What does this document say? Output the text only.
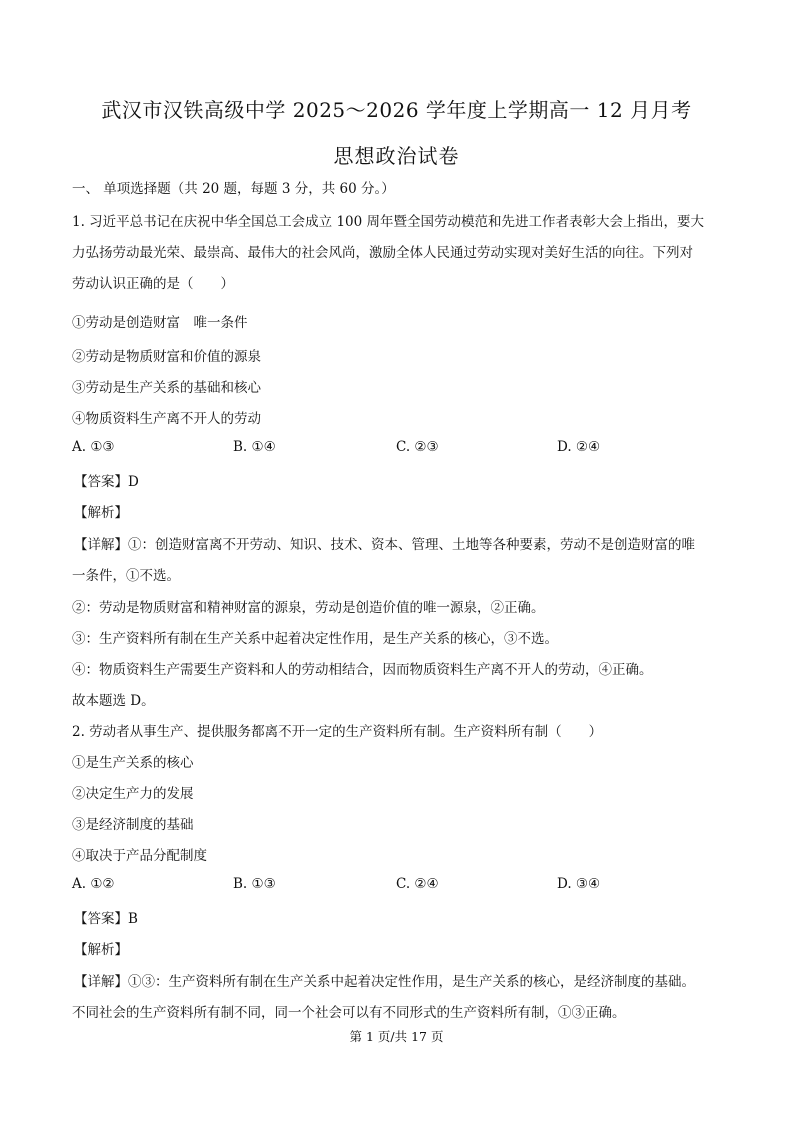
武汉市汉铁高级中学 2025～2026 学年度上学期高一 12 月月考
思想政治试卷
一、 单项选择题（共 20 题，每题 3 分，共 60 分。）
1. 习近平总书记在庆祝中华全国总工会成立 100 周年暨全国劳动模范和先进工作者表彰大会上指出，要大
力弘扬劳动最光荣、最崇高、最伟大的社会风尚，激励全体人民通过劳动实现对美好生活的向往。下列对
劳动认识正确的是（　　）
①劳动是创造财富　唯一条件
②劳动是物质财富和价值的源泉
③劳动是生产关系的基础和核心
④物质资料生产离不开人的劳动
A. ①③	B. ①④	C. ②③	D. ②④
【答案】D
【解析】
【详解】①：创造财富离不开劳动、知识、技术、资本、管理、土地等各种要素，劳动不是创造财富的唯
一条件，①不选。
②：劳动是物质财富和精神财富的源泉，劳动是创造价值的唯一源泉，②正确。
③：生产资料所有制在生产关系中起着决定性作用，是生产关系的核心，③不选。
④：物质资料生产需要生产资料和人的劳动相结合，因而物质资料生产离不开人的劳动，④正确。
故本题选 D。
2. 劳动者从事生产、提供服务都离不开一定的生产资料所有制。生产资料所有制（　　）
①是生产关系的核心
②决定生产力的发展
③是经济制度的基础
④取决于产品分配制度
A. ①②	B. ①③	C. ②④	D. ③④
【答案】B
【解析】
【详解】①③：生产资料所有制在生产关系中起着决定性作用，是生产关系的核心，是经济制度的基础。
不同社会的生产资料所有制不同，同一个社会可以有不同形式的生产资料所有制，①③正确。
第 1 页/共 17 页
